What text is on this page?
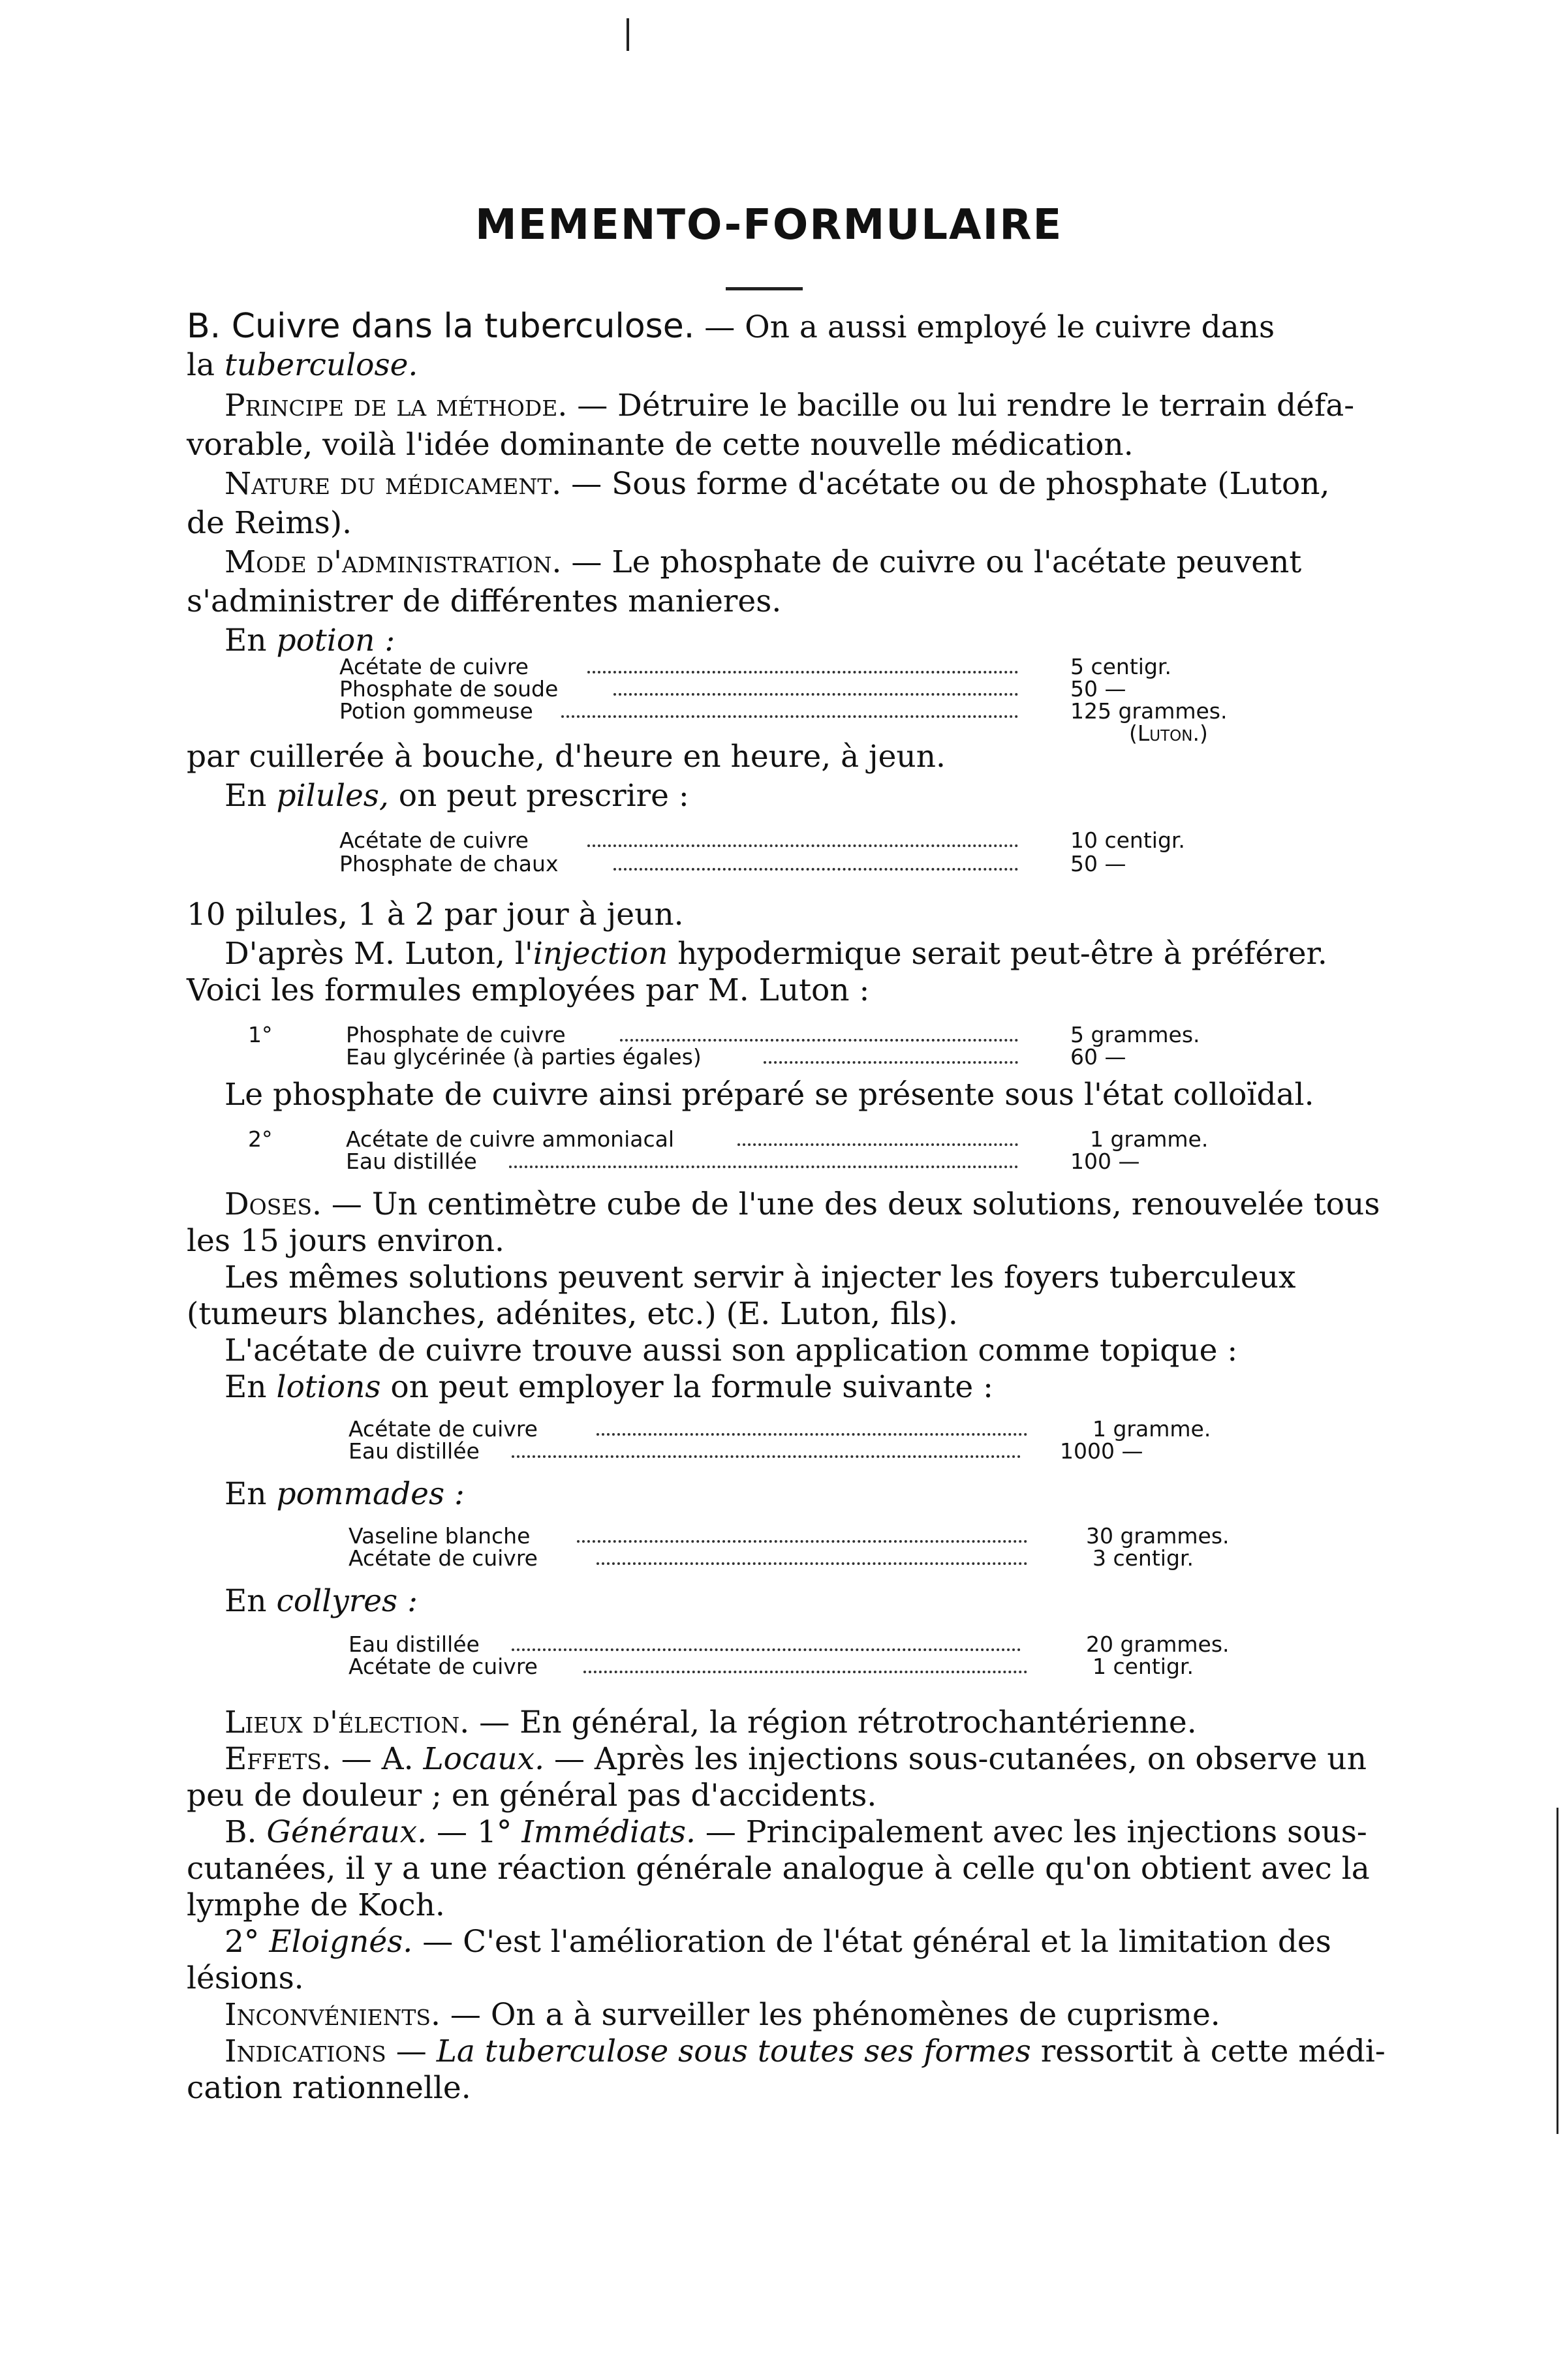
MEMENTO-FORMULAIRE
B. Cuivre dans la tuberculose. — On a aussi employé le cuivre dans
la tuberculose.
Principe de la méthode. — Détruire le bacille ou lui rendre le terrain défa-
vorable, voilà l'idée dominante de cette nouvelle médication.
Nature du médicament. — Sous forme d'acétate ou de phosphate (Luton,
de Reims).
Mode d'administration. — Le phosphate de cuivre ou l'acétate peuvent
s'administrer de différentes manieres.
En potion :
Acétate de cuivre	5 centigr.
Phosphate de soude	50 —
Potion gommeuse	125 grammes.
(Luton.)
par cuillerée à bouche, d'heure en heure, à jeun.
En pilules, on peut prescrire :
Acétate de cuivre	10 centigr.
Phosphate de chaux	50 —
10 pilules, 1 à 2 par jour à jeun.
D'après M. Luton, l'injection hypodermique serait peut-être à préférer.
Voici les formules employées par M. Luton :
1°	Phosphate de cuivre	5 grammes.
Eau glycérinée (à parties égales)	60 —
Le phosphate de cuivre ainsi préparé se présente sous l'état colloïdal.
2°	Acétate de cuivre ammoniacal	1 gramme.
Eau distillée	100 —
Doses. — Un centimètre cube de l'une des deux solutions, renouvelée tous
les 15 jours environ.
Les mêmes solutions peuvent servir à injecter les foyers tuberculeux
(tumeurs blanches, adénites, etc.) (E. Luton, fils).
L'acétate de cuivre trouve aussi son application comme topique :
En lotions on peut employer la formule suivante :
Acétate de cuivre	1 gramme.
Eau distillée	1000 —
En pommades :
Vaseline blanche	30 grammes.
Acétate de cuivre	3 centigr.
En collyres :
Eau distillée	20 grammes.
Acétate de cuivre	1 centigr.
Lieux d'élection. — En général, la région rétrotrochantérienne.
Effets. — A. Locaux. — Après les injections sous-cutanées, on observe un
peu de douleur ; en général pas d'accidents.
B. Généraux. — 1° Immédiats. — Principalement avec les injections sous-
cutanées, il y a une réaction générale analogue à celle qu'on obtient avec la
lymphe de Koch.
2° Eloignés. — C'est l'amélioration de l'état général et la limitation des
lésions.
Inconvénients. — On a à surveiller les phénomènes de cuprisme.
Indications — La tuberculose sous toutes ses formes ressortit à cette médi-
cation rationnelle.
